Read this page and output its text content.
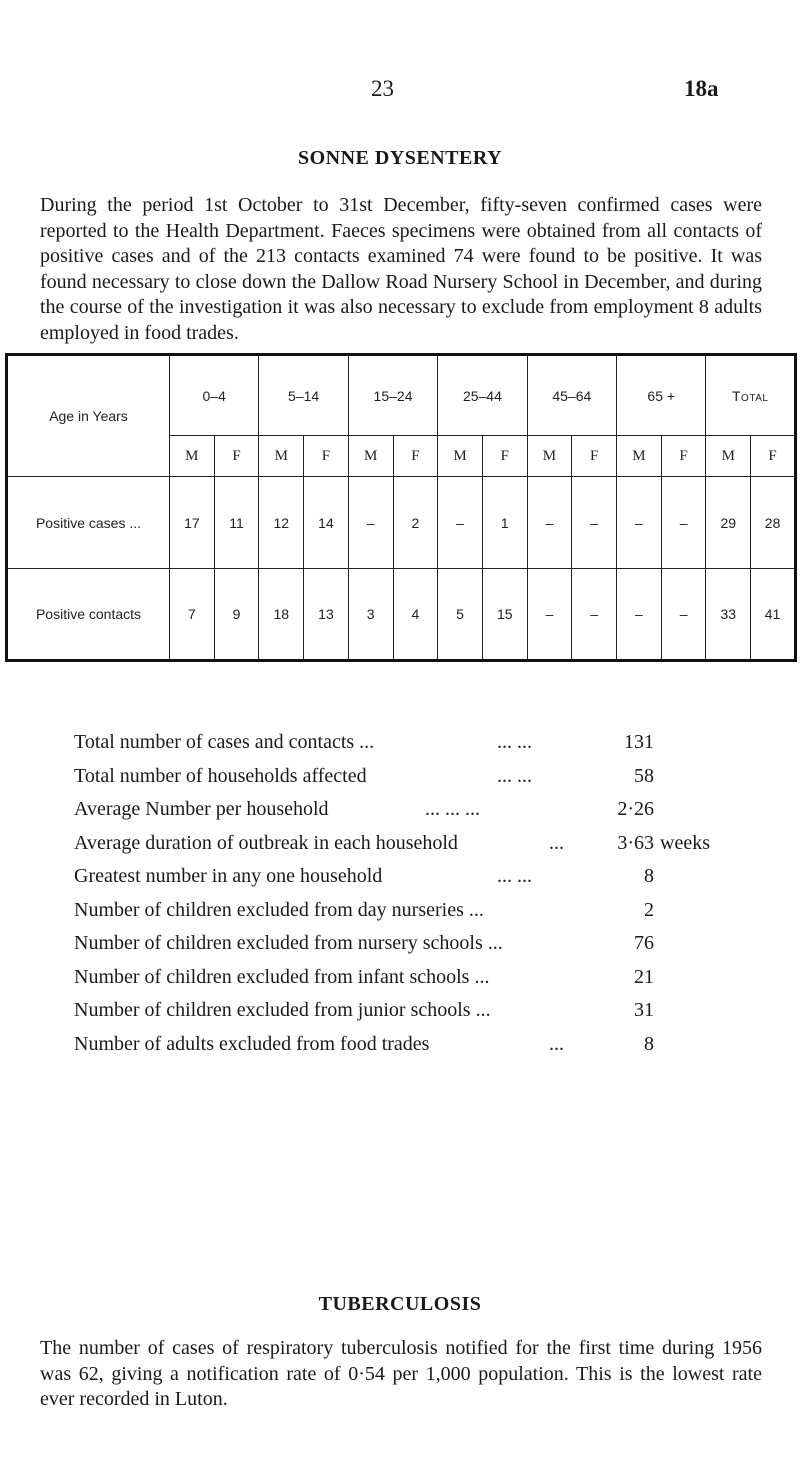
23	18a
SONNE DYSENTERY
During the period 1st October to 31st December, fifty-seven confirmed cases were reported to the Health Department. Faeces specimens were obtained from all contacts of positive cases and of the 213 contacts examined 74 were found to be positive. It was found necessary to close down the Dallow Road Nursery School in December, and during the course of the investigation it was also necessary to exclude from employment 8 adults employed in food trades.
Age in Years	0–4		5–14		15–24		25–44		45–64		65 +		Total	
	M	F	M	F	M	F	M	F	M	F	M	F	M	F
Positive cases ...	17	11	12	14	–	2	–	1	–	–	–	–	29	28
Positive contacts	7	9	18	13	3	4	5	15	–	–	–	–	33	41
Total number of cases and contacts ...	... ...	131
Total number of households affected	... ...	58
Average Number per household	... ... ...	2·26
Average duration of outbreak in each household	...	3·63 weeks
Greatest number in any one household	... ...	8
Number of children excluded from day nurseries ...	2
Number of children excluded from nursery schools ...	76
Number of children excluded from infant schools ...	21
Number of children excluded from junior schools ...	31
Number of adults excluded from food trades	...	8
TUBERCULOSIS
The number of cases of respiratory tuberculosis notified for the first time during 1956 was 62, giving a notification rate of 0·54 per 1,000 population. This is the lowest rate ever recorded in Luton.
